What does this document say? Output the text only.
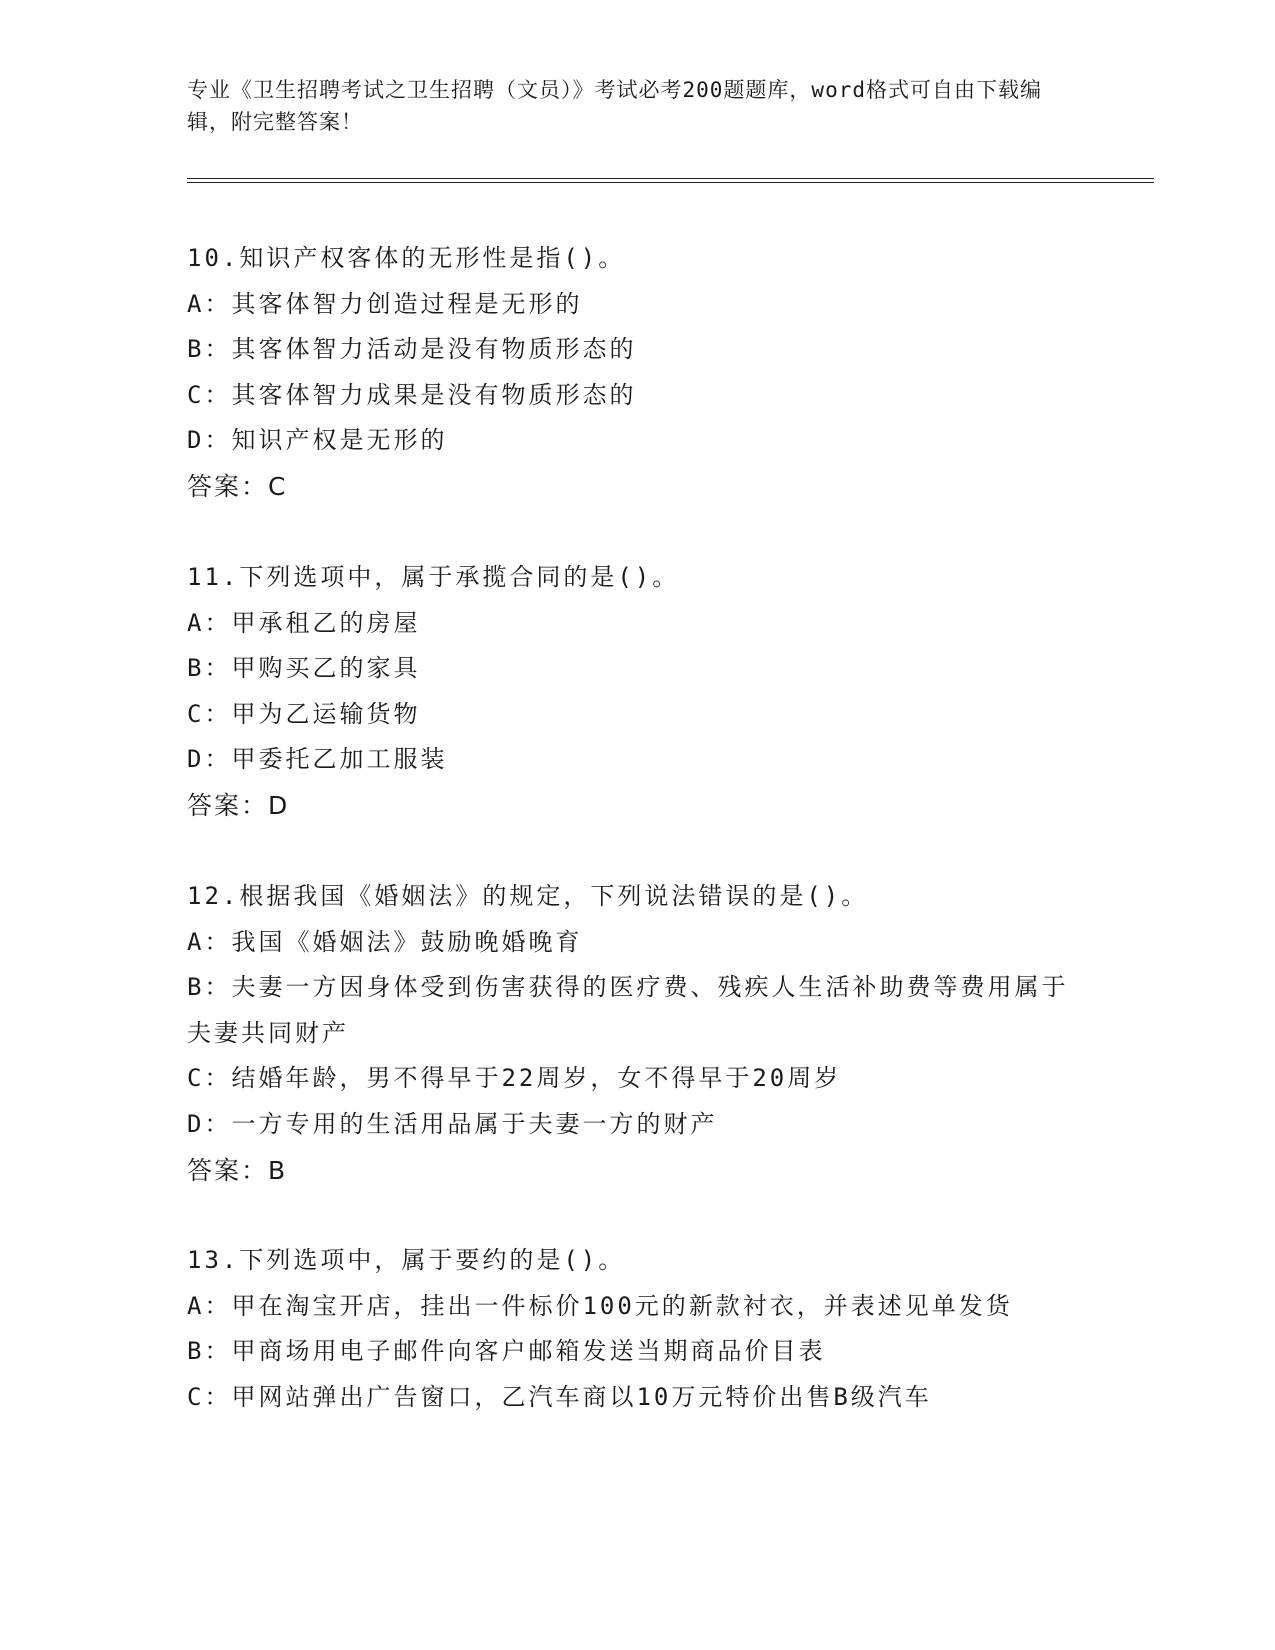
专业《卫生招聘考试之卫生招聘（文员）》考试必考200题题库，word格式可自由下载编辑，附完整答案！
10.知识产权客体的无形性是指()。
A：其客体智力创造过程是无形的
B：其客体智力活动是没有物质形态的
C：其客体智力成果是没有物质形态的
D：知识产权是无形的
答案：C
11.下列选项中，属于承揽合同的是()。
A：甲承租乙的房屋
B：甲购买乙的家具
C：甲为乙运输货物
D：甲委托乙加工服装
答案：D
12.根据我国《婚姻法》的规定，下列说法错误的是()。
A：我国《婚姻法》鼓励晚婚晚育
B：夫妻一方因身体受到伤害获得的医疗费、残疾人生活补助费等费用属于夫妻共同财产
C：结婚年龄，男不得早于22周岁，女不得早于20周岁
D：一方专用的生活用品属于夫妻一方的财产
答案：B
13.下列选项中，属于要约的是()。
A：甲在淘宝开店，挂出一件标价100元的新款衬衣，并表述见单发货
B：甲商场用电子邮件向客户邮箱发送当期商品价目表
C：甲网站弹出广告窗口，乙汽车商以10万元特价出售B级汽车
